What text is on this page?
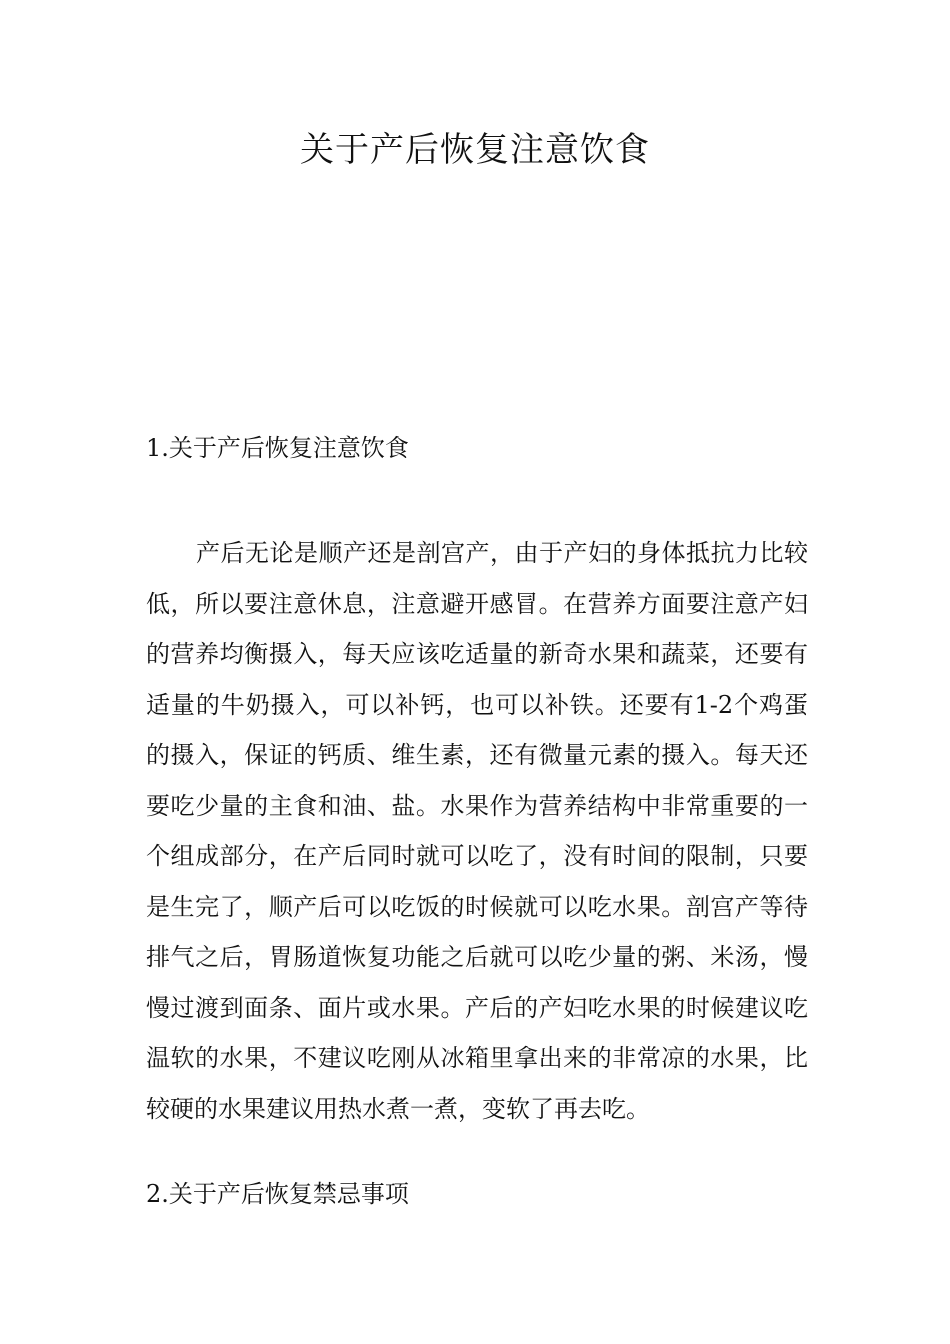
关于产后恢复注意饮食
1.关于产后恢复注意饮食

产后无论是顺产还是剖宫产，由于产妇的身体抵抗力比较低，所以要注意休息，注意避开感冒。在营养方面要注意产妇的营养均衡摄入，每天应该吃适量的新奇水果和蔬菜，还要有适量的牛奶摄入，可以补钙，也可以补铁。还要有1-2个鸡蛋的摄入，保证的钙质、维生素，还有微量元素的摄入。每天还要吃少量的主食和油、盐。水果作为营养结构中非常重要的一个组成部分，在产后同时就可以吃了，没有时间的限制，只要是生完了，顺产后可以吃饭的时候就可以吃水果。剖宫产等待排气之后，胃肠道恢复功能之后就可以吃少量的粥、米汤，慢慢过渡到面条、面片或水果。产后的产妇吃水果的时候建议吃温软的水果，不建议吃刚从冰箱里拿出来的非常凉的水果，比较硬的水果建议用热水煮一煮，变软了再去吃。

2.关于产后恢复禁忌事项
